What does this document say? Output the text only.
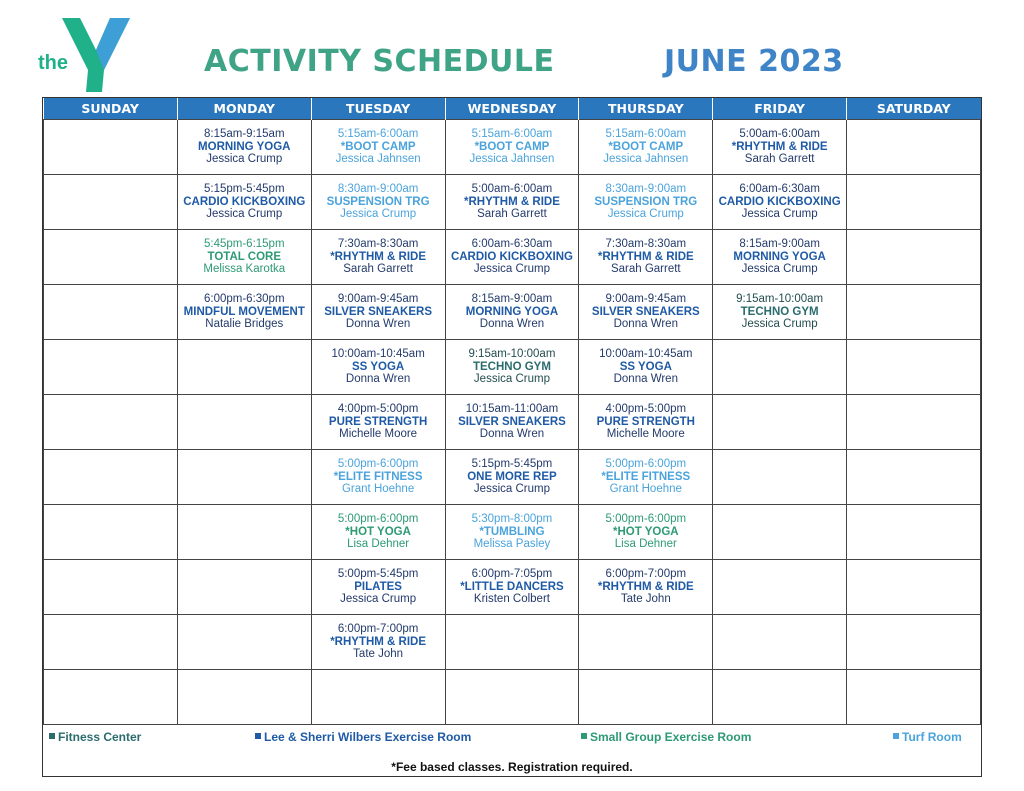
the	ACTIVITY SCHEDULE	JUNE 2023
SUNDAY	MONDAY	TUESDAY	WEDNESDAY	THURSDAY	FRIDAY	SATURDAY

	8:15am-9:15am
MORNING YOGA
Jessica Crump	5:15am-6:00am
*BOOT CAMP
Jessica Jahnsen	5:15am-6:00am
*BOOT CAMP
Jessica Jahnsen	5:15am-6:00am
*BOOT CAMP
Jessica Jahnsen	5:00am-6:00am
*RHYTHM & RIDE
Sarah Garrett	

	5:15pm-5:45pm
CARDIO KICKBOXING
Jessica Crump	8:30am-9:00am
SUSPENSION TRG
Jessica Crump	5:00am-6:00am
*RHYTHM & RIDE
Sarah Garrett	8:30am-9:00am
SUSPENSION TRG
Jessica Crump	6:00am-6:30am
CARDIO KICKBOXING
Jessica Crump	

	5:45pm-6:15pm
TOTAL CORE
Melissa Karotka	7:30am-8:30am
*RHYTHM & RIDE
Sarah Garrett	6:00am-6:30am
CARDIO KICKBOXING
Jessica Crump	7:30am-8:30am
*RHYTHM & RIDE
Sarah Garrett	8:15am-9:00am
MORNING YOGA
Jessica Crump	

	6:00pm-6:30pm
MINDFUL MOVEMENT
Natalie Bridges	9:00am-9:45am
SILVER SNEAKERS
Donna Wren	8:15am-9:00am
MORNING YOGA
Donna Wren	9:00am-9:45am
SILVER SNEAKERS
Donna Wren	9:15am-10:00am
TECHNO GYM
Jessica Crump	

		10:00am-10:45am
SS YOGA
Donna Wren	9:15am-10:00am
TECHNO GYM
Jessica Crump	10:00am-10:45am
SS YOGA
Donna Wren		

		4:00pm-5:00pm
PURE STRENGTH
Michelle Moore	10:15am-11:00am
SILVER SNEAKERS
Donna Wren	4:00pm-5:00pm
PURE STRENGTH
Michelle Moore		

		5:00pm-6:00pm
*ELITE FITNESS
Grant Hoehne	5:15pm-5:45pm
ONE MORE REP
Jessica Crump	5:00pm-6:00pm
*ELITE FITNESS
Grant Hoehne		

		5:00pm-6:00pm
*HOT YOGA
Lisa Dehner	5:30pm-8:00pm
*TUMBLING
Melissa Pasley	5:00pm-6:00pm
*HOT YOGA
Lisa Dehner		

		5:00pm-5:45pm
PILATES
Jessica Crump	6:00pm-7:05pm
*LITTLE DANCERS
Kristen Colbert	6:00pm-7:00pm
*RHYTHM & RIDE
Tate John		

		6:00pm-7:00pm
*RHYTHM & RIDE
Tate John				

Fitness Center	Lee & Sherri Wilbers Exercise Room	Small Group Exercise Room	Turf Room
*Fee based classes. Registration required.
